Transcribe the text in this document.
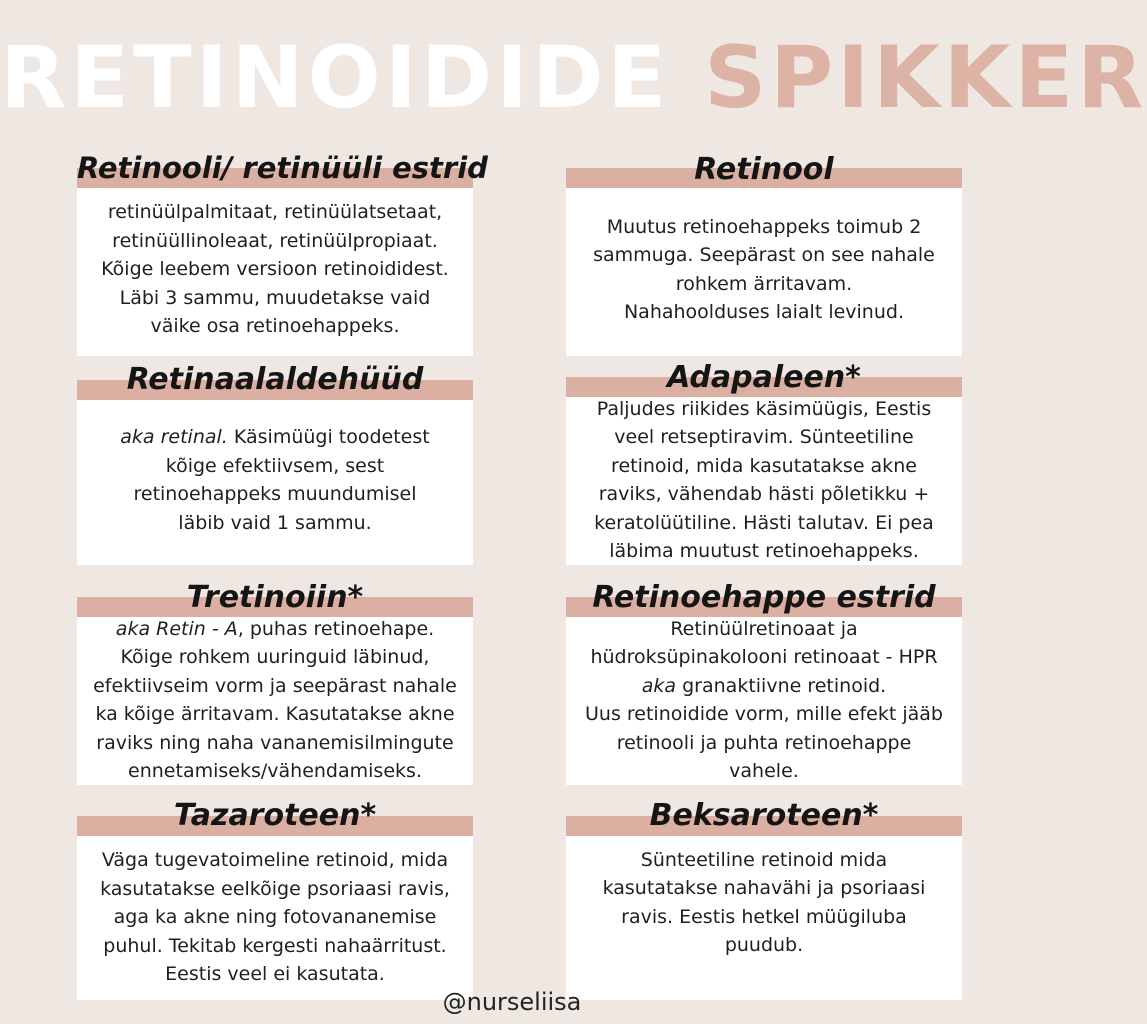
RETINOIDIDE SPIKKER

retinüülpalmitaat, retinüülatsetaat,

retinüüllinoleaat, retinüülpropiaat.

Kõige leebem versioon retinoididest.

Läbi 3 sammu, muudetakse vaid

väike osa retinoehappeks.

Retinooli/ retinüüli estrid

Muutus retinoehappeks toimub 2

sammuga. Seepärast on see nahale

rohkem ärritavam.

Nahahoolduses laialt levinud.

Retinool

aka retinal. Käsimüügi toodetest

kõige efektiivsem, sest

retinoehappeks muundumisel

läbib vaid 1 sammu.

Retinaalaldehüüd

Paljudes riikides käsimüügis, Eestis

veel retseptiravim. Sünteetiline

retinoid, mida kasutatakse akne

raviks, vähendab hästi põletikku +

keratolüütiline. Hästi talutav. Ei pea

läbima muutust retinoehappeks.

Adapaleen*

aka Retin - A, puhas retinoehape.

Kõige rohkem uuringuid läbinud,

efektiivseim vorm ja seepärast nahale

ka kõige ärritavam. Kasutatakse akne

raviks ning naha vananemisilmingute

ennetamiseks/vähendamiseks.

Tretinoiin*

Retinüülretinoaat ja

hüdroksüpinakolooni retinoaat - HPR

aka granaktiivne retinoid.

Uus retinoidide vorm, mille efekt jääb

retinooli ja puhta retinoehappe

vahele.

Retinoehappe estrid

Väga tugevatoimeline retinoid, mida

kasutatakse eelkõige psoriaasi ravis,

aga ka akne ning fotovananemise

puhul. Tekitab kergesti nahaärritust.

Eestis veel ei kasutata.

Tazaroteen*

Sünteetiline retinoid mida

kasutatakse nahavähi ja psoriaasi

ravis. Eestis hetkel müügiluba

puudub.

Beksaroteen*
@nurseliisa
